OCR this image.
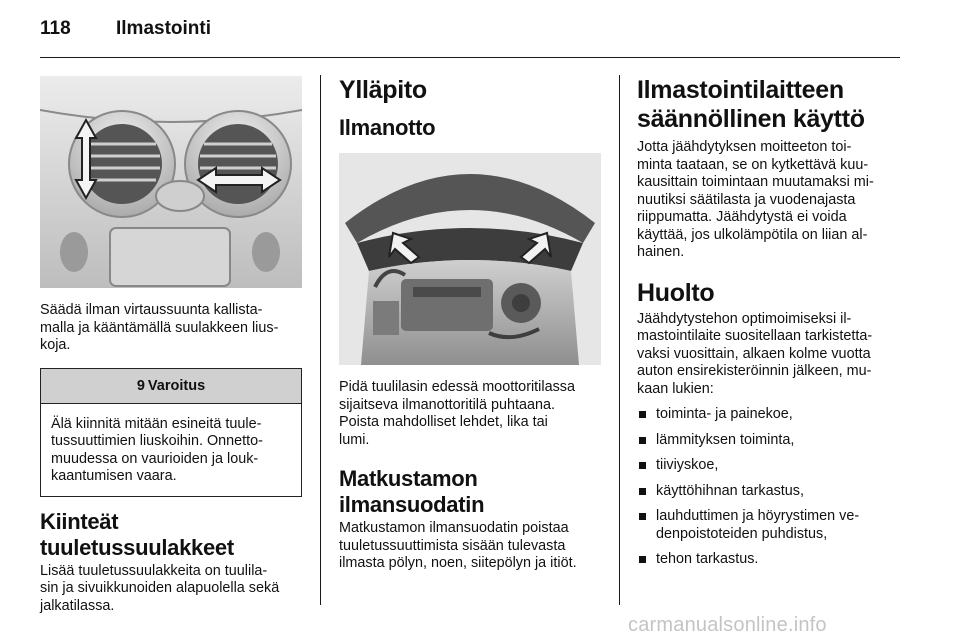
118 Ilmastointi

Säädä ilman virtaussuunta kallista-
malla ja kääntämällä suulakkeen lius-
koja.

9 Varoitus

Älä kiinnitä mitään esineitä tuule-
tussuuttimien liuskoihin. Onnetto-
muudessa on vaurioiden ja louk-
kaantumisen vaara.

Kiinteät
tuuletussuulakkeet

Lisää tuuletussuulakkeita on tuulila-
sin ja sivuikkunoiden alapuolella sekä
jalkatilassa.

Ylläpito
Ilmanotto

Pidä tuulilasin edessä moottoritilassa
sijaitseva ilmanottoritilä puhtaana.
Poista mahdolliset lehdet, lika tai
lumi.

Matkustamon
ilmansuodatin

Matkustamon ilmansuodatin poistaa
tuuletussuuttimista sisään tulevasta
ilmasta pölyn, noen, siitepölyn ja itiöt.

Ilmastointilaitteen
säännöllinen käyttö

Jotta jäähdytyksen moitteeton toi-
minta taataan, se on kytkettävä kuu-
kausittain toimintaan muutamaksi mi-
nuutiksi säätilasta ja vuodenajasta
riippumatta. Jäähdytystä ei voida
käyttää, jos ulkolämpötila on liian al-
hainen.

Huolto

Jäähdytystehon optimoimiseksi il-
mastointilaite suositellaan tarkistetta-
vaksi vuosittain, alkaen kolme vuotta
auton ensirekisteröinnin jälkeen, mu-
kaan lukien:

toiminta- ja painekoe,
lämmityksen toiminta,
tiiviyskoe,
käyttöhihnan tarkastus,
lauhduttimen ja höyrystimen ve-
denpoistoteiden puhdistus,
tehon tarkastus.
carmanualsonline.info
